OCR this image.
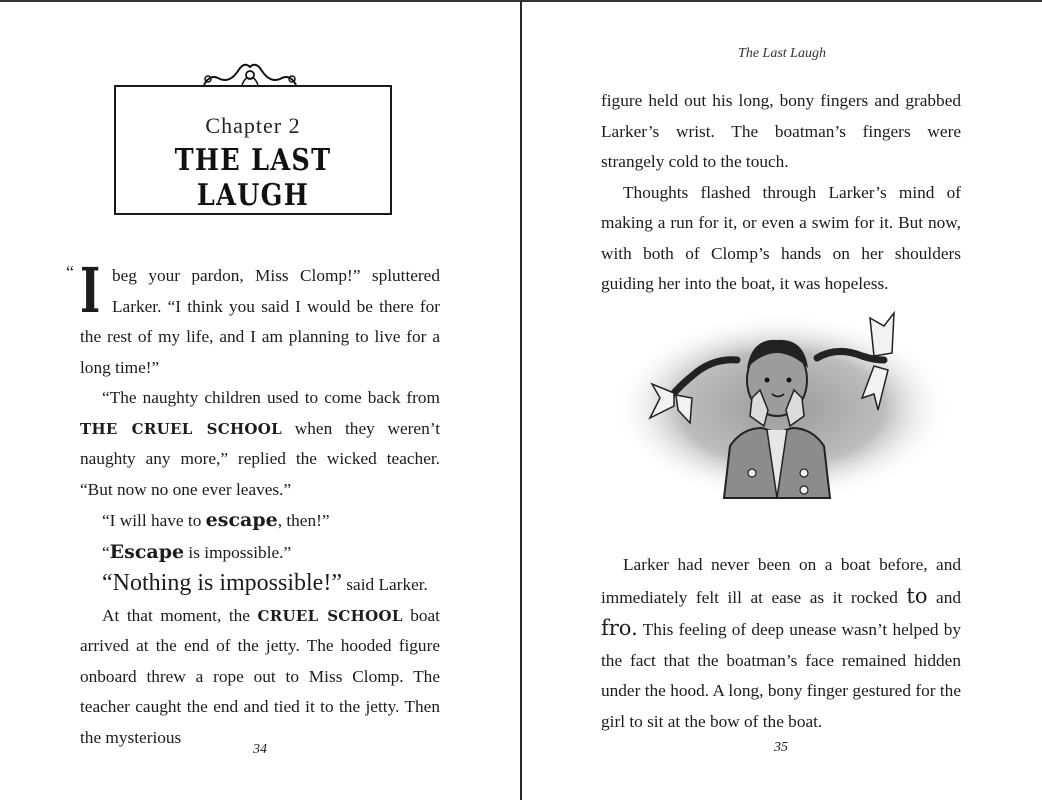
Chapter 2
THE LAST LAUGH

“ I beg your pardon, Miss Clomp!” spluttered Larker. “I think you said I would be there for the rest of my life, and I am planning to live for a long time!”

“The naughty children used to come back from THE CRUEL SCHOOL when they weren’t naughty any more,” replied the wicked teacher. “But now no one ever leaves.”

“I will have to escape, then!”

“Escape is impossible.”

“Nothing is impossible!” said Larker.

At that moment, the CRUEL SCHOOL boat arrived at the end of the jetty. The hooded figure onboard threw a rope out to Miss Clomp. The teacher caught the end and tied it to the jetty. Then the mysterious

34
The Last Laugh

figure held out his long, bony fingers and grabbed Larker’s wrist. The boatman’s fingers were strangely cold to the touch.

Thoughts flashed through Larker’s mind of making a run for it, or even a swim for it. But now, with both of Clomp’s hands on her shoulders guiding her into the boat, it was hopeless.

Larker had never been on a boat before, and immediately felt ill at ease as it rocked to and fro. This feeling of deep unease wasn’t helped by the fact that the boatman’s face remained hidden under the hood. A long, bony finger gestured for the girl to sit at the bow of the boat.

35
